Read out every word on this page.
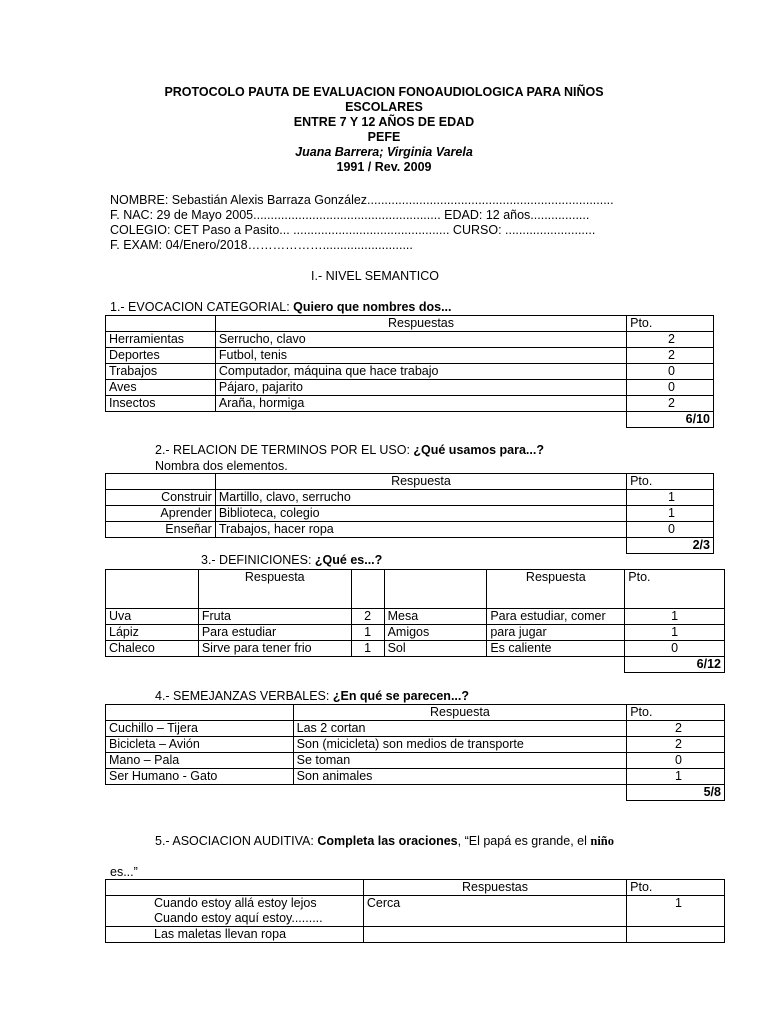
PROTOCOLO PAUTA DE EVALUACION FONOAUDIOLOGICA PARA NIÑOS
ESCOLARES
ENTRE 7 Y 12 AÑOS DE EDAD
PEFE
Juana Barrera; Virginia Varela
1991 / Rev. 2009
NOMBRE: Sebastián Alexis Barraza González.......................................................................
F. NAC: 29 de Mayo 2005...................................................... EDAD: 12 años.................
COLEGIO: CET Paso a Pasito... ............................................. CURSO: ..........................
F. EXAM: 04/Enero/2018………………..........................
I.- NIVEL SEMANTICO
1.- EVOCACION CATEGORIAL: Quiero que nombres dos...
	Respuestas	Pto.
Herramientas	Serrucho, clavo	2
Deportes	Futbol, tenis	2
Trabajos	Computador, máquina que hace trabajo	0
Aves	Pájaro, pajarito	0
Insectos	Araña, hormiga	2
		6/10
2.- RELACION DE TERMINOS POR EL USO: ¿Qué usamos para...?
Nombra dos elementos.
	Respuesta	Pto.
Construir	Martillo, clavo, serrucho	1
Aprender	Biblioteca, colegio	1
Enseñar	Trabajos, hacer ropa	0
		2/3
3.- DEFINICIONES: ¿Qué es...?
	Respuesta			Respuesta	Pto.
Uva	Fruta	2	Mesa	Para estudiar, comer	1
Lápiz	Para estudiar	1	Amigos	para jugar	1
Chaleco	Sirve para tener frio	1	Sol	Es caliente	0
					6/12
4.- SEMEJANZAS VERBALES: ¿En qué se parecen...?
	Respuesta	Pto.
Cuchillo – Tijera	Las 2 cortan	2
Bicicleta – Avión	Son (micicleta) son medios de transporte	2
Mano – Pala	Se toman	0
Ser Humano - Gato	Son animales	1
		5/8
5.- ASOCIACION AUDITIVA: Completa las oraciones, “El papá es grande, el niño
es...”
	Respuestas	Pto.

Cuando estoy allá estoy lejos
Cuando estoy aquí estoy.........	Cerca	1
Las maletas llevan ropa		
